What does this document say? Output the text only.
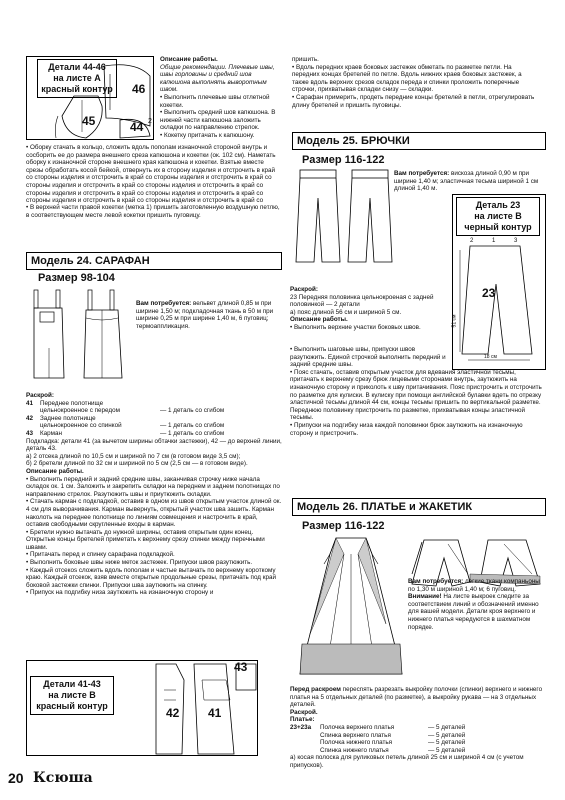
Детали 44-46
на листе А
красный контур 46
45	44 2

Описание работы.

Общие рекомендации. Плечевые швы, швы горловины и средний шов капюшона выполнять выворотным швом.

• Выполнить плечевые швы отлетной кокетки.

• Выполнить средний шов капюшона. В нижней части капюшона заложить складки по направлению стрелок.

• Кокетку притачать к капюшону.

• Оборку стачать в кольцо, сложить вдоль пополам изнаночной стороной внутрь и сосборить ее до размера внешнего среза капюшона и кокетки (ок. 102 см). Наметать оборку к изнаночной стороне внешнего края капюшона и кокетки. Взятые вместе срезы обработать косой бейкой, отвернуть их в сторону изделия и отстрочить в край со стороны изделия и отстрочить в край со стороны изделия и отстрочить в край со стороны изделия и отстрочить в край со стороны изделия и отстрочить в край со стороны изделия и отстрочить в край со стороны изделия и отстрочить в край со стороны изделия и отстрочить в край со стороны изделия и отстрочить в край со

• В верхней части правой кокетки (метка 1) пришить заготовленную воздушную петлю, в соответствующем месте левой кокетки пришить пуговицу.

Модель 24. САРАФАН
Размер 98-104

Вам потребуется: вельвет длиной 0,85 м при ширине 1,50 м; подкладочная ткань в 50 м при ширине 0,25 м при ширине 1,40 м, 6 пуговиц; термоаппликация.

Раскрой:

41	Переднее полотнище	
	цельнокроенное с передом	— 1 деталь со сгибом
42	Заднее полотнище	
	цельнокроенное со спинкой	— 1 деталь со сгибом
43	Карман	— 1 деталь со сгибом

Подкладка: детали 41 (за вычетом ширины обтачки застежки), 42 — до верхней линии, деталь 43.

а) 2 отсека длиной по 10,5 см и шириной по 7 см (в готовом виде 3,5 см);

б) 2 бретели длиной по 32 см и шириной по 5 см (2,5 см — в готовом виде).

Описание работы.

• Выполнить передний и задний средние швы, заканчивая строчку ниже начала складок ок. 1 см. Заложить и закрепить складки на переднем и заднем полотнищах по направлению стрелок. Разутюжить швы и приутюжить складки.

• Стачать карман с подкладкой, оставив в одном из швов открытым участок длиной ок. 4 см для выворачивания. Карман вывернуть, открытый участок шва зашить. Карман наколоть на переднее полотнище по линиям совмещения и настрочить в край, оставив свободными скругленные входы в карман.

• Бретели нужно вытачать до нужной ширины, оставив открытым один конец. Открытые концы бретелей приметать к верхнему срезу спинки между перечными швами.

• Притачать перед и спинку сарафана подкладкой.

• Выполнить боковые швы ниже меток застежек. Припуски швов разутюжить.

• Каждый отсекоs сложить вдоль пополам и частые вытачать по верхнему короткому краю. Каждый отсекок, взяв вместе открытые продольные срезы, притачать под край боковой застежки спинки. Припуски шва заутюжить на спинку.

• Припуск на подгибку низа заутюжить на изнаночную сторону и

Детали 41-43
на листе В
красный контур
43
42 41

пришить.

• Вдоль передних краев боковых застежек обметать по разметке петли. На передних концах бретелей по петле. Вдоль нижних краев боковых застежек, а также вдоль верхних срезов складок переда и спинки проложить поперечные строчки, прихватывая складки снизу — складки.

• Сарафан примерить, продеть передние концы бретелей в петли, отрегулировать длину бретелей и пришить пуговицы.

Модель 25. БРЮЧКИ
Размер 116-122

Вам потребуется: вискоза длиной 0,90 м при ширине 1,40 м; эластичная тесьма шириной 1 см длиной 1,40 м.

Деталь 23
на листе В
черный контур
23
2	1	3
51 см
18 см

Раскрой:

23 Передняя половинка цельнокроеная с задней половинкой — 2 детали

а) пояс длиной 56 см и шириной 5 см.

Описание работы.

• Выполнить верхние участки боковых швов.

• Выполнить шаговые швы, припуски швов разутюжить. Единой строчкой выполнить передний и задний средние швы.

• Пояс стачать, оставив открытым участок для вдевания эластичной тесьмы, притачать к верхнему срезу брюк лицевыми сторонами внутрь, заутюжить на изнаночную сторону и приколоть к шву притачивания. Пояс пристрочить и отстрочить по разметке для кулиски. В кулиску при помощи английской булавки вдеть по отрезку эластичной тесьмы длиной 44 см, концы тесьмы пришить по вертикальной разметке. Переднюю половинку пристрочить по разметке, прихватывая концы эластичной тесьмы.

• Припуски на подгибку низа каждой половинки брюк заутюжить на изнаночную сторону и пристрочить.

Модель 26. ПЛАТЬЕ и ЖАКЕТИК
Размер 116-122

Вам потребуется: легкие ткани компаньоны по 1,30 м шириной 1,40 м; 6 пуговиц.

Внимание! На листе выкроек следите за соответствием линий и обозначений именно для вашей модели. Детали кроя верхнего и нижнего платья чередуются в шахматном порядке.

Перед раскроем пересnять разрезать выкройку полочки (спинки) верхнего и нижнего платья на 5 отдельных деталей (по разметке), а выкройку рукава — на 3 отдельных деталей.

Раскрой.

Платье:

23+23а	Полочка верхнего платья	— 5 деталей
	Спинка верхнего платья	— 5 деталей
	Полочка нижнего платья	— 5 деталей
	Спинка нижнего платья	— 5 деталей

а) косая полоска для руликовых петель длиной 25 см и шириной 4 см (с учетом припусков).

20 Ксюша
